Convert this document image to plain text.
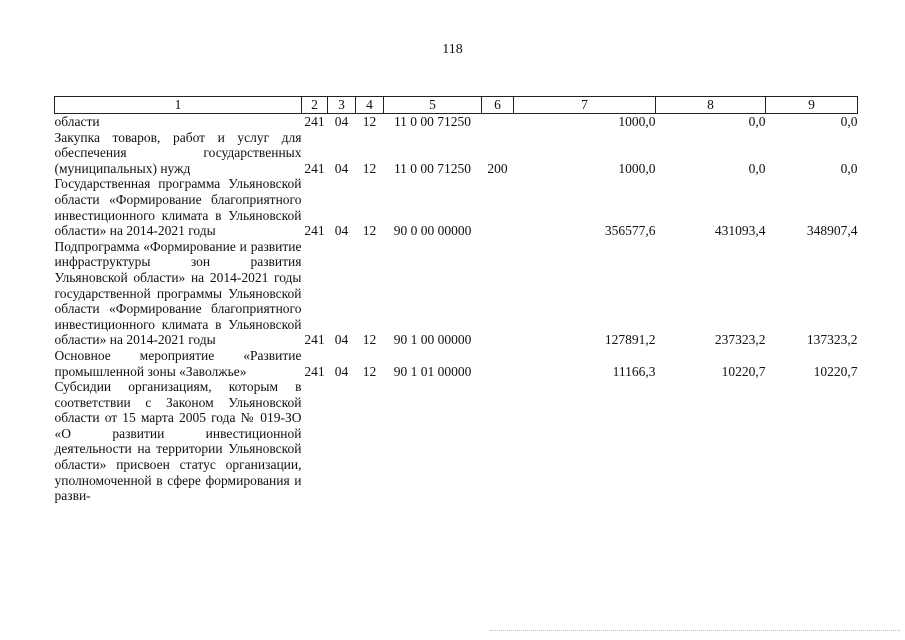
118
1	2	3	4	5	6	7	8	9
области	241	04	12	11 0 00 71250		1000,0	0,0	0,0
Закупка товаров, работ и услуг для обеспечения государственных (муниципальных) нужд	241	04	12	11 0 00 71250	200	1000,0	0,0	0,0
Государственная программа Ульяновской области «Формирование благоприятного инвестиционного климата в Ульяновской области» на 2014-2021 годы	241	04	12	90 0 00 00000		356577,6	431093,4	348907,4
Подпрограмма «Формирование и развитие инфраструктуры зон развития Ульяновской области» на 2014-2021 годы государственной программы Ульяновской области «Формирование благоприятного инвестиционного климата в Ульяновской области» на 2014-2021 годы	241	04	12	90 1 00 00000		127891,2	237323,2	137323,2
Основное мероприятие «Развитие промышленной зоны «Заволжье»	241	04	12	90 1 01 00000		11166,3	10220,7	10220,7
Субсидии организациям, которым в соответствии с Законом Ульяновской области от 15 марта 2005 года № 019-ЗО «О развитии инвестиционной деятельности на территории Ульяновской области» присвоен статус организации, уполномоченной в сфере формирования и разви-								
